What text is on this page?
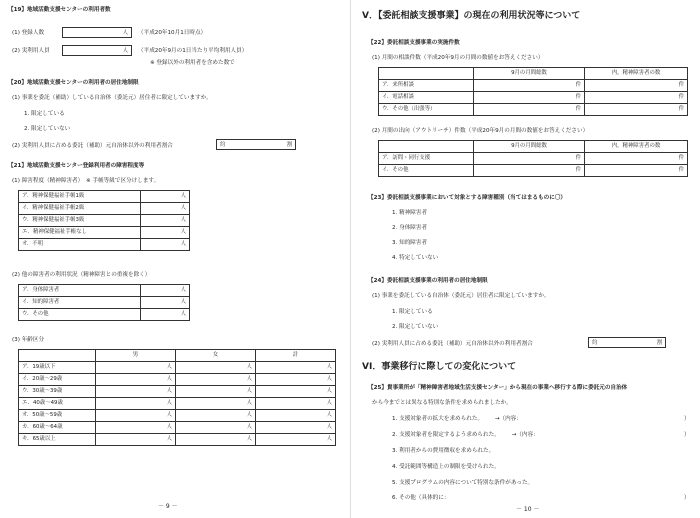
【19】地域活動支援センターの利用者数
(1) 登録人数	人	（平成20年10月1日時点）
(2) 実利用人員	人	（平成20年9月の1日当たり平均利用人員）
※ 登録以外の利用者を含めた数で
【20】地域活動支援センターの利用者の居住地制限
(1) 事業を委託（補助）している自治体（委託元）居住者に限定していますか。
1. 限定している
2. 限定していない
(2) 実利用人員に占める委託（補助）元自治体以外の利用者割合	約	割
【21】地域活動支援センター登録利用者の障害程度等
(1) 障害程度（精神障害者）　※ 手帳等級で区分けします。
ア．精神保健福祉手帳1級	人
イ．精神保健福祉手帳2級	人
ウ．精神保健福祉手帳3級	人
エ．精神保健福祉手帳なし	人
オ．不明	人
(2) 他の障害者の利用状況（精神障害との重複を除く）
ア．身体障害者	人
イ．知的障害者	人
ウ．その他	人
(3) 年齢区分
	男	女	計
ア．19歳以下	人	人	人
イ．20歳～29歳	人	人	人
ウ．30歳～39歳	人	人	人
エ．40歳～49歳	人	人	人
オ．50歳～59歳	人	人	人
カ．60歳～64歳	人	人	人
キ．65歳以上	人	人	人
－ 9 －
V．【委託相談支援事業】の現在の利用状況等について
【22】委託相談支援事業の実施件数
(1) 月間の相談件数（平成20年9月の月間の数値をお答えください）
	9月の月間総数	内，精神障害者の数
ア．来所相談	件	件
イ．電話相談	件	件
ウ．その他（出張等）	件	件
(2) 月間の出向（アウトリーチ）件数（平成20年9月の月間の数値をお答えください）
	9月の月間総数	内，精神障害者の数
ア．訪問・同行支援	件	件
イ．その他	件	件
【23】委託相談支援事業において対象とする障害種別（当てはまるものに〇）
1. 精神障害者
2. 身体障害者
3. 知的障害者
4. 特定していない
【24】委託相談支援事業の利用者の居住地制限
(1) 事業を委託している自治体（委託元）居住者に限定していますか。
1. 限定している
2. 限定していない
(2) 実利用人員に占める委託（補助）元自治体以外の利用者割合	約	割
VI．事業移行に際しての変化について
【25】貴事業所が「精神障害者地域生活支援センター」から現在の事業へ移行する際に委託元の自治体
から今までとは異なる特別な条件を求められましたか。
1. 支援対象者の拡大を求められた。 →（内容：	）
2. 支援対象者を限定するよう求められた。 →（内容：	）
3. 利用者からの費用徴収を求められた。
4. 受託範囲等構造上の制限を受けられた。
5. 支援プログラムの内容について特別な条件があった。
6. その他（具体的に：	）
－ 10 －
